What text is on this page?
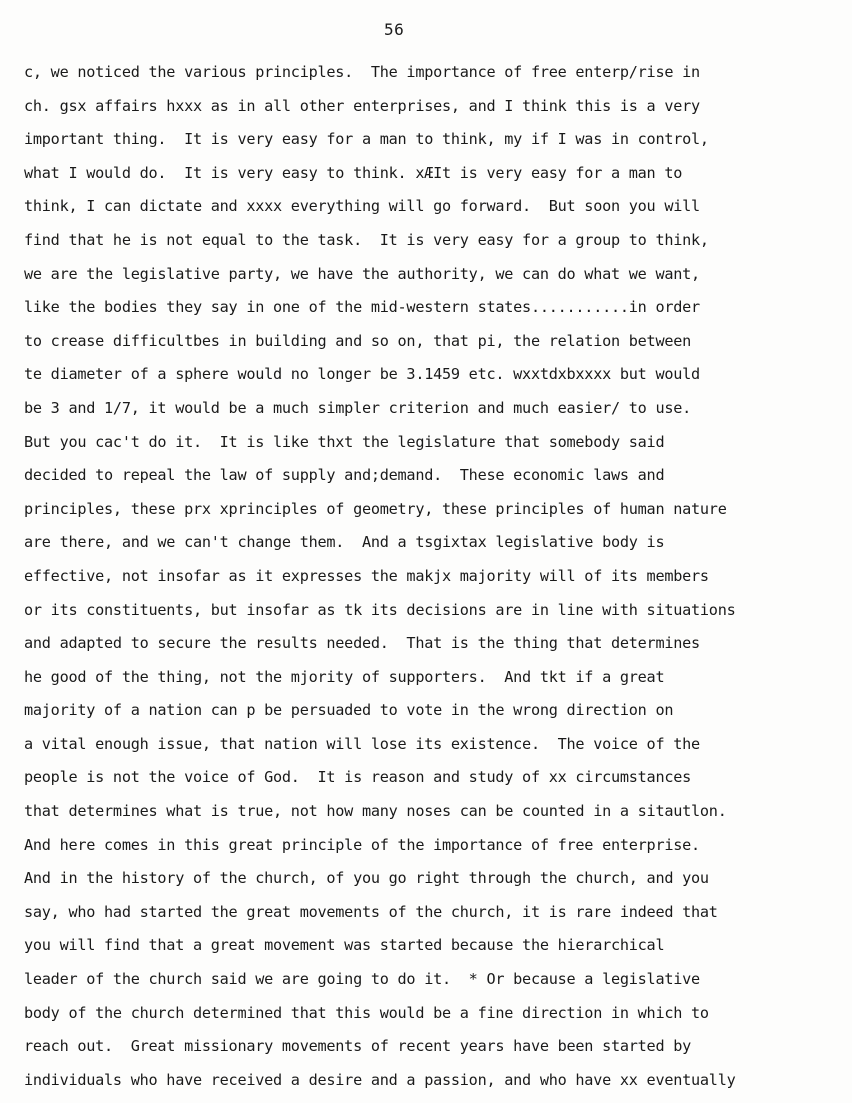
56
c, we noticed the various principles.  The importance of free enterp/rise in
ch. gsx affairs hxxx as in all other enterprises, and I think this is a very
important thing.  It is very easy for a man to think, my if I was in control,
what I would do.  It is very easy to think. xÆIt is very easy for a man to
think, I can dictate and xxxx everything will go forward.  But soon you will
find that he is not equal to the task.  It is very easy for a group to think,
we are the legislative party, we have the authority, we can do what we want,
like the bodies they say in one of the mid-western states...........in order
to crease difficultbes in building and so on, that pi, the relation between
te diameter of a sphere would no longer be 3.1459 etc. wxxtdxbxxxx but would
be 3 and 1/7, it would be a much simpler criterion and much easier/ to use.
But you cac't do it.  It is like thxt the legislature that somebody said
decided to repeal the law of supply and;demand.  These economic laws and
principles, these prx xprinciples of geometry, these principles of human nature
are there, and we can't change them.  And a tsgixtax legislative body is
effective, not insofar as it expresses the makjx majority will of its members
or its constituents, but insofar as tk its decisions are in line with situations
and adapted to secure the results needed.  That is the thing that determines
he good of the thing, not the mjority of supporters.  And tkt if a great
majority of a nation can p be persuaded to vote in the wrong direction on
a vital enough issue, that nation will lose its existence.  The voice of the
people is not the voice of God.  It is reason and study of xx circumstances
that determines what is true, not how many noses can be counted in a sitautlon.
And here comes in this great principle of the importance of free enterprise.
And in the history of the church, of you go right through the church, and you
say, who had started the great movements of the church, it is rare indeed that
you will find that a great movement was started because the hierarchical
leader of the church said we are going to do it.  * Or because a legislative
body of the church determined that this would be a fine direction in which to
reach out.  Great missionary movements of recent years have been started by
individuals who have received a desire and a passion, and who have xx eventually
